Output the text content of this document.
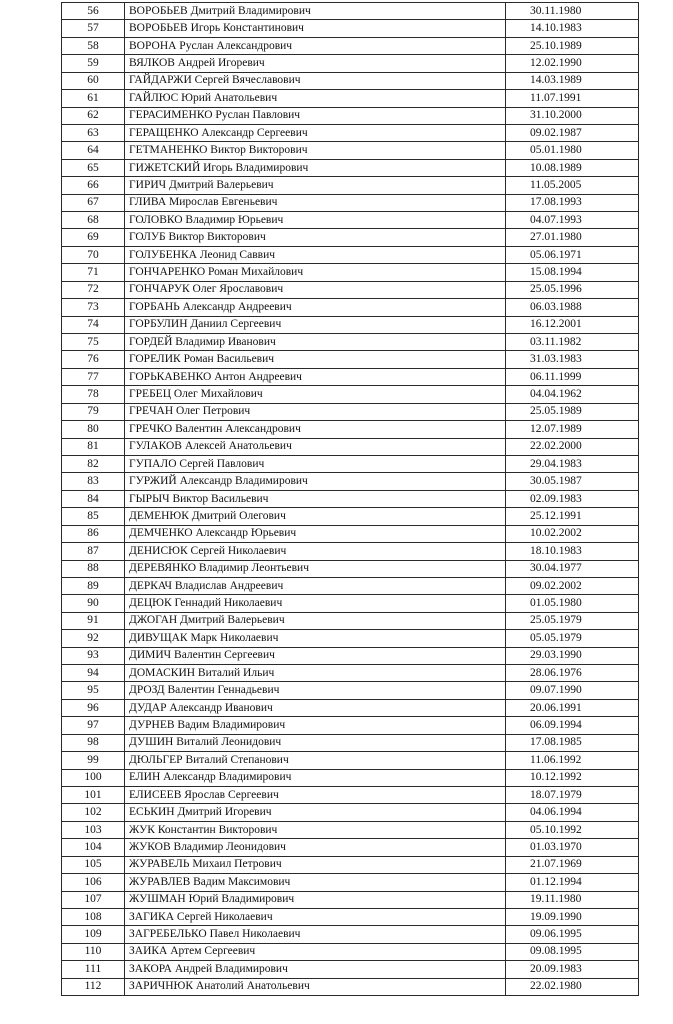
56	ВОРОБЬЕВ Дмитрий Владимирович	30.11.1980
57	ВОРОБЬЕВ Игорь Константинович	14.10.1983
58	ВОРОНА Руслан Александрович	25.10.1989
59	ВЯЛКОВ Андрей Игоревич	12.02.1990
60	ГАЙДАРЖИ Сергей Вячеславович	14.03.1989
61	ГАЙЛЮС Юрий Анатольевич	11.07.1991
62	ГЕРАСИМЕНКО Руслан Павлович	31.10.2000
63	ГЕРАЩЕНКО Александр Сергеевич	09.02.1987
64	ГЕТМАНЕНКО Виктор Викторович	05.01.1980
65	ГИЖЕТСКИЙ Игорь Владимирович	10.08.1989
66	ГИРИЧ Дмитрий Валерьевич	11.05.2005
67	ГЛИВА Мирослав Евгеньевич	17.08.1993
68	ГОЛОВКО Владимир Юрьевич	04.07.1993
69	ГОЛУБ Виктор Викторович	27.01.1980
70	ГОЛУБЕНКА Леонид Саввич	05.06.1971
71	ГОНЧАРЕНКО Роман Михайлович	15.08.1994
72	ГОНЧАРУК Олег Ярославович	25.05.1996
73	ГОРБАНЬ Александр Андреевич	06.03.1988
74	ГОРБУЛИН Даниил Сергеевич	16.12.2001
75	ГОРДЕЙ Владимир Иванович	03.11.1982
76	ГОРЕЛИК Роман Васильевич	31.03.1983
77	ГОРЬКАВЕНКО Антон Андреевич	06.11.1999
78	ГРЕБЕЦ Олег Михайлович	04.04.1962
79	ГРЕЧАН Олег Петрович	25.05.1989
80	ГРЕЧКО Валентин Александрович	12.07.1989
81	ГУЛАКОВ Алексей Анатольевич	22.02.2000
82	ГУПАЛО Сергей Павлович	29.04.1983
83	ГУРЖИЙ Александр Владимирович	30.05.1987
84	ГЫРЫЧ Виктор Васильевич	02.09.1983
85	ДЕМЕНЮК Дмитрий Олегович	25.12.1991
86	ДЕМЧЕНКО Александр Юрьевич	10.02.2002
87	ДЕНИСЮК Сергей Николаевич	18.10.1983
88	ДЕРЕВЯНКО Владимир Леонтьевич	30.04.1977
89	ДЕРКАЧ Владислав Андреевич	09.02.2002
90	ДЕЦЮК Геннадий Николаевич	01.05.1980
91	ДЖОГАН Дмитрий Валерьевич	25.05.1979
92	ДИВУЩАК Марк Николаевич	05.05.1979
93	ДИМИЧ Валентин Сергеевич	29.03.1990
94	ДОМАСКИН Виталий Ильич	28.06.1976
95	ДРОЗД Валентин Геннадьевич	09.07.1990
96	ДУДАР Александр Иванович	20.06.1991
97	ДУРНЕВ Вадим Владимирович	06.09.1994
98	ДУШИН Виталий Леонидович	17.08.1985
99	ДЮЛЬГЕР Виталий Степанович	11.06.1992
100	ЕЛИН Александр Владимирович	10.12.1992
101	ЕЛИСЕЕВ Ярослав Сергеевич	18.07.1979
102	ЕСЬКИН Дмитрий Игоревич	04.06.1994
103	ЖУК Константин Викторович	05.10.1992
104	ЖУКОВ Владимир Леонидович	01.03.1970
105	ЖУРАВЕЛЬ Михаил Петрович	21.07.1969
106	ЖУРАВЛЕВ Вадим Максимович	01.12.1994
107	ЖУШМАН Юрий Владимирович	19.11.1980
108	ЗАГИКА Сергей Николаевич	19.09.1990
109	ЗАГРЕБЕЛЬКО Павел Николаевич	09.06.1995
110	ЗАИКА Артем Сергеевич	09.08.1995
111	ЗАКОРА Андрей Владимирович	20.09.1983
112	ЗАРИЧНЮК Анатолий Анатольевич	22.02.1980
